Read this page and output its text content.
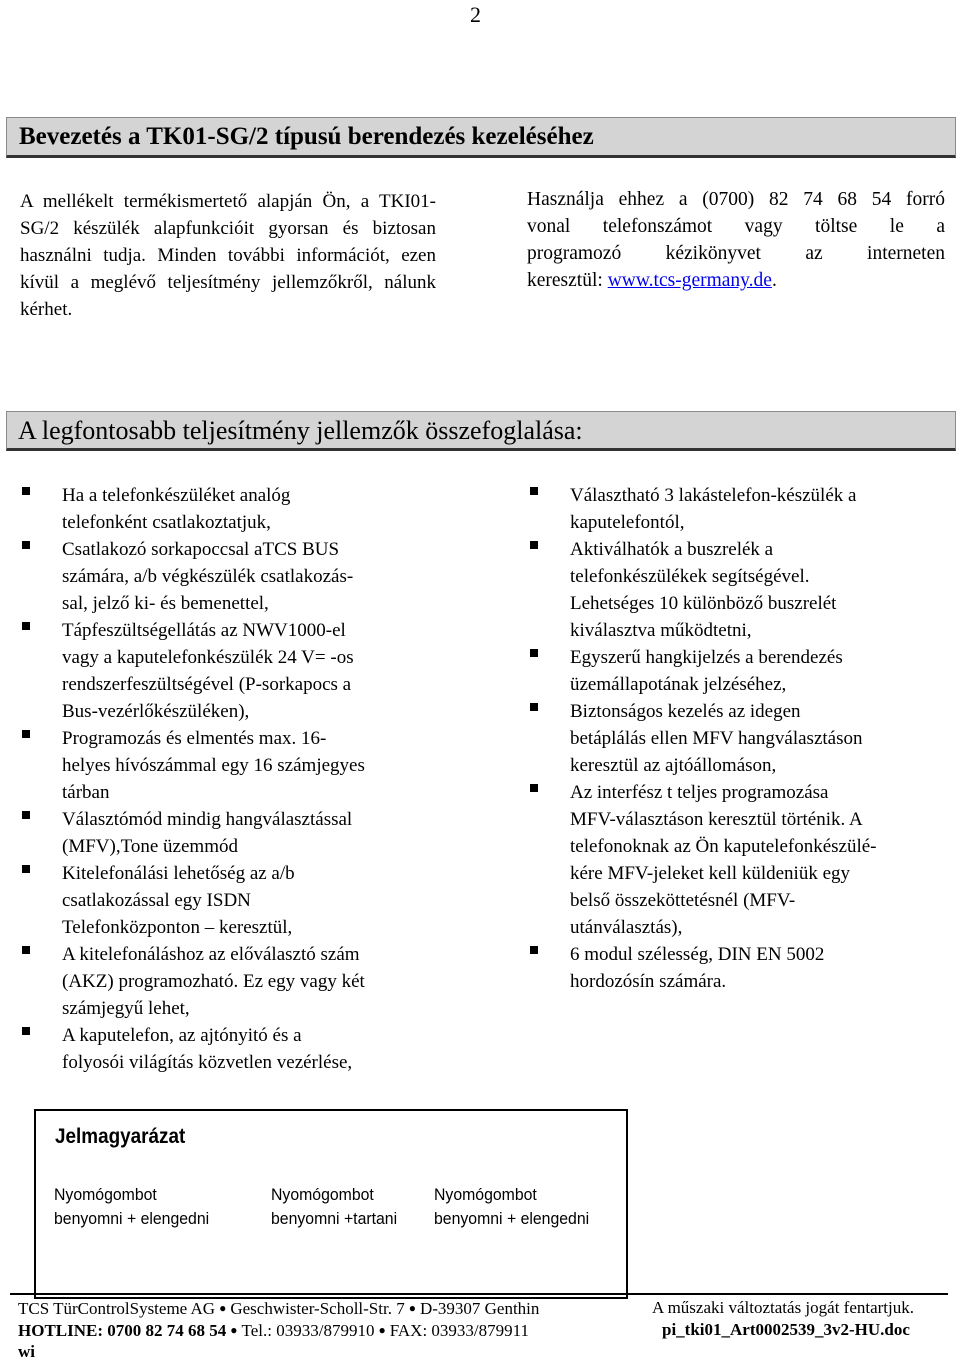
2
Bevezetés a TK01-SG/2 típusú berendezés kezeléséhez
A mellékelt termékismertető alapján Ön, a TKI01-SG/2 készülék alapfunkcióit gyorsan és biztosan használni tudja. Minden további információt, ezen kívül a meglévő teljesítmény jellemzőkről, nálunk kérhet.
Használja ehhez a (0700) 82 74 68 54 forró
vonal telefonszámot vagy töltse le a
programozó kézikönyvet az interneten
keresztül: www.tcs-germany.de.
A legfontosabb teljesítmény jellemzők összefoglalása:
Ha a telefonkészüléket analóg
telefonként csatlakoztatjuk,
Csatlakozó sorkapoccsal aTCS BUS
számára, a/b végkészülék csatlakozás-
sal, jelző ki- és bemenettel,
Tápfeszültségellátás az NWV1000-el
vagy a kaputelefonkészülék 24 V= -os
rendszerfeszültségével (P-sorkapocs a
Bus-vezérlőkészüléken),
Programozás és elmentés max. 16-
helyes hívószámmal egy 16 számjegyes
tárban
Választómód mindig hangválasztással
(MFV),Tone üzemmód
Kitelefonálási lehetőség az a/b
csatlakozással egy ISDN
Telefonközponton – keresztül,
A kitelefonáláshoz az előválasztó szám
(AKZ) programozható. Ez egy vagy két
számjegyű lehet,
A kaputelefon, az ajtónyitó és a
folyosói világítás közvetlen vezérlése,
Választható 3 lakástelefon-készülék a
kaputelefontól,
Aktiválhatók a buszrelék a
telefonkészülékek segítségével.
Lehetséges 10 különböző buszrelét
kiválasztva működtetni,
Egyszerű hangkijelzés a berendezés
üzemállapotának jelzéséhez,
Biztonságos kezelés az idegen
betáplálás ellen MFV hangválasztáson
keresztül az ajtóállomáson,
Az interfész t teljes programozása
MFV-választáson keresztül történik. A
telefonoknak az Ön kaputelefonkészülé-
kére MFV-jeleket kell küldeniük egy
belső összeköttetésnél (MFV-
utánválasztás),
6 modul szélesség, DIN EN 5002
hordozósín számára.
Jelmagyarázat
Nyomógombot
benyomni + elengedni
Nyomógombot
benyomni +tartani
Nyomógombot
benyomni + elengedni
TCS TürControlSysteme AG ● Geschwister-Scholl-Str. 7 ● D-39307 Genthin
HOTLINE: 0700 82 74 68 54 ● Tel.: 03933/879910 ● FAX: 03933/879911
wi
A műszaki változtatás jogát fentartjuk.
pi_tki01_Art0002539_3v2-HU.doc
